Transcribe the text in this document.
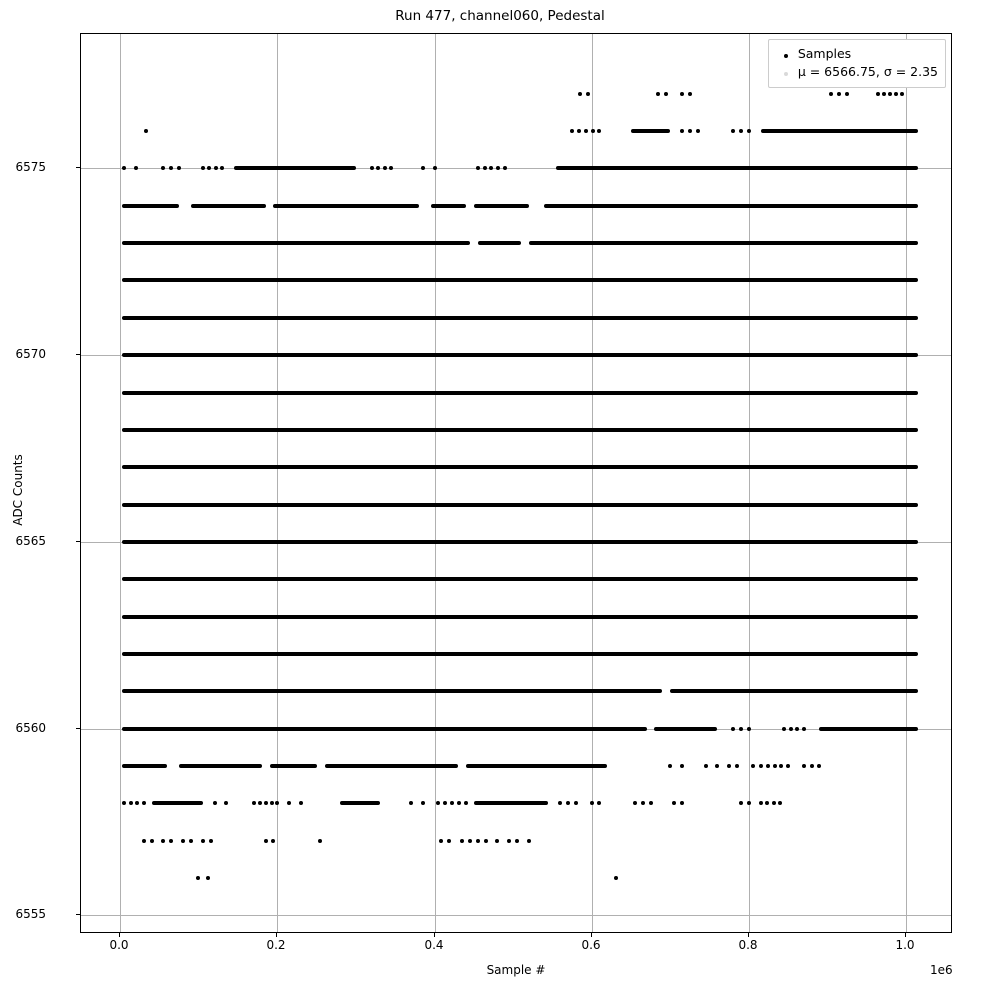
Run 477, channel060, Pedestal
ADC Counts
Sample #	1e6
Samples
μ = 6566.75, σ = 2.35
0.0	0.2	0.4	0.6	0.8	1.0
6555
6560
6565
6570
6575
